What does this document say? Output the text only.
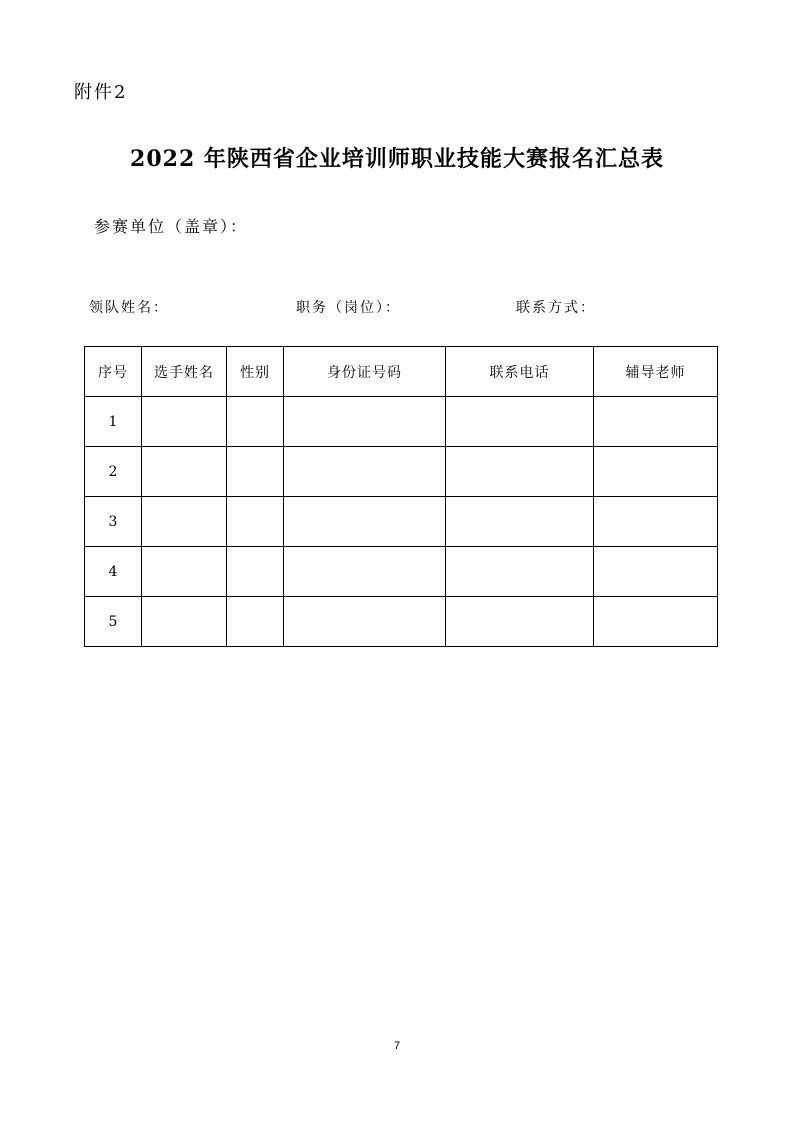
附件2
2022 年陕西省企业培训师职业技能大赛报名汇总表
参赛单位（盖章）：
领队姓名：	职务（岗位）：	联系方式：
序号	选手姓名	性别	身份证号码	联系电话	辅导老师
1					
2					
3					
4					
5					
7
